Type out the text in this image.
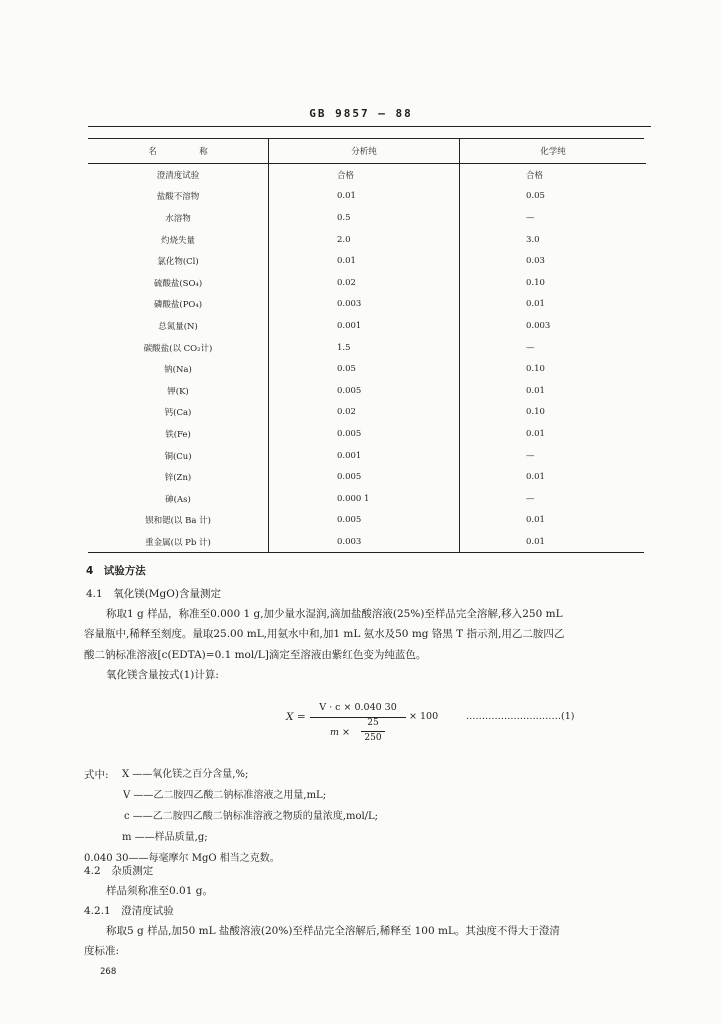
GB 9857 — 88
名　　　　　称	分析纯	化学纯
澄清度试验	合格	合格
盐酸不溶物	0.01	0.05
水溶物	0.5	—
灼烧失量	2.0	3.0
氯化物(Cl)	0.01	0.03
硫酸盐(SO₄)	0.02	0.10
磷酸盐(PO₄)	0.003	0.01
总氮量(N)	0.001	0.003
碳酸盐(以 CO₂计)	1.5	—
钠(Na)	0.05	0.10
钾(K)	0.005	0.01
钙(Ca)	0.02	0.10
铁(Fe)	0.005	0.01
铜(Cu)	0.001	—
锌(Zn)	0.005	0.01
砷(As)	0.000 1	—
钡和锶(以 Ba 计)	0.005	0.01
重金属(以 Pb 计)	0.003	0.01
4　试验方法
4.1　氧化镁(MgO)含量测定
称取1 g 样品，称准至0.000 1 g,加少量水湿润,滴加盐酸溶液(25%)至样品完全溶解,移入250 mL
容量瓶中,稀释至刻度。量取25.00 mL,用氨水中和,加1 mL 氨水及50 mg 铬黑 T 指示剂,用乙二胺四乙
酸二钠标准溶液[c(EDTA)=0.1 mol/L]滴定至溶液由紫红色变为纯蓝色。
氧化镁含量按式(1)计算:
X =
V · c × 0.040 30
m ×
25
250
× 100	…………………………(1)
式中: X ——氧化镁之百分含量,%;
V ——乙二胺四乙酸二钠标准溶液之用量,mL;
c ——乙二胺四乙酸二钠标准溶液之物质的量浓度,mol/L;
m ——样品质量,g;
0.040 30——每毫摩尔 MgO 相当之克数。
4.2　杂质测定
样品须称准至0.01 g。
4.2.1　澄清度试验
称取5 g 样品,加50 mL 盐酸溶液(20%)至样品完全溶解后,稀释至 100 mL。其浊度不得大于澄清
度标准:
268
